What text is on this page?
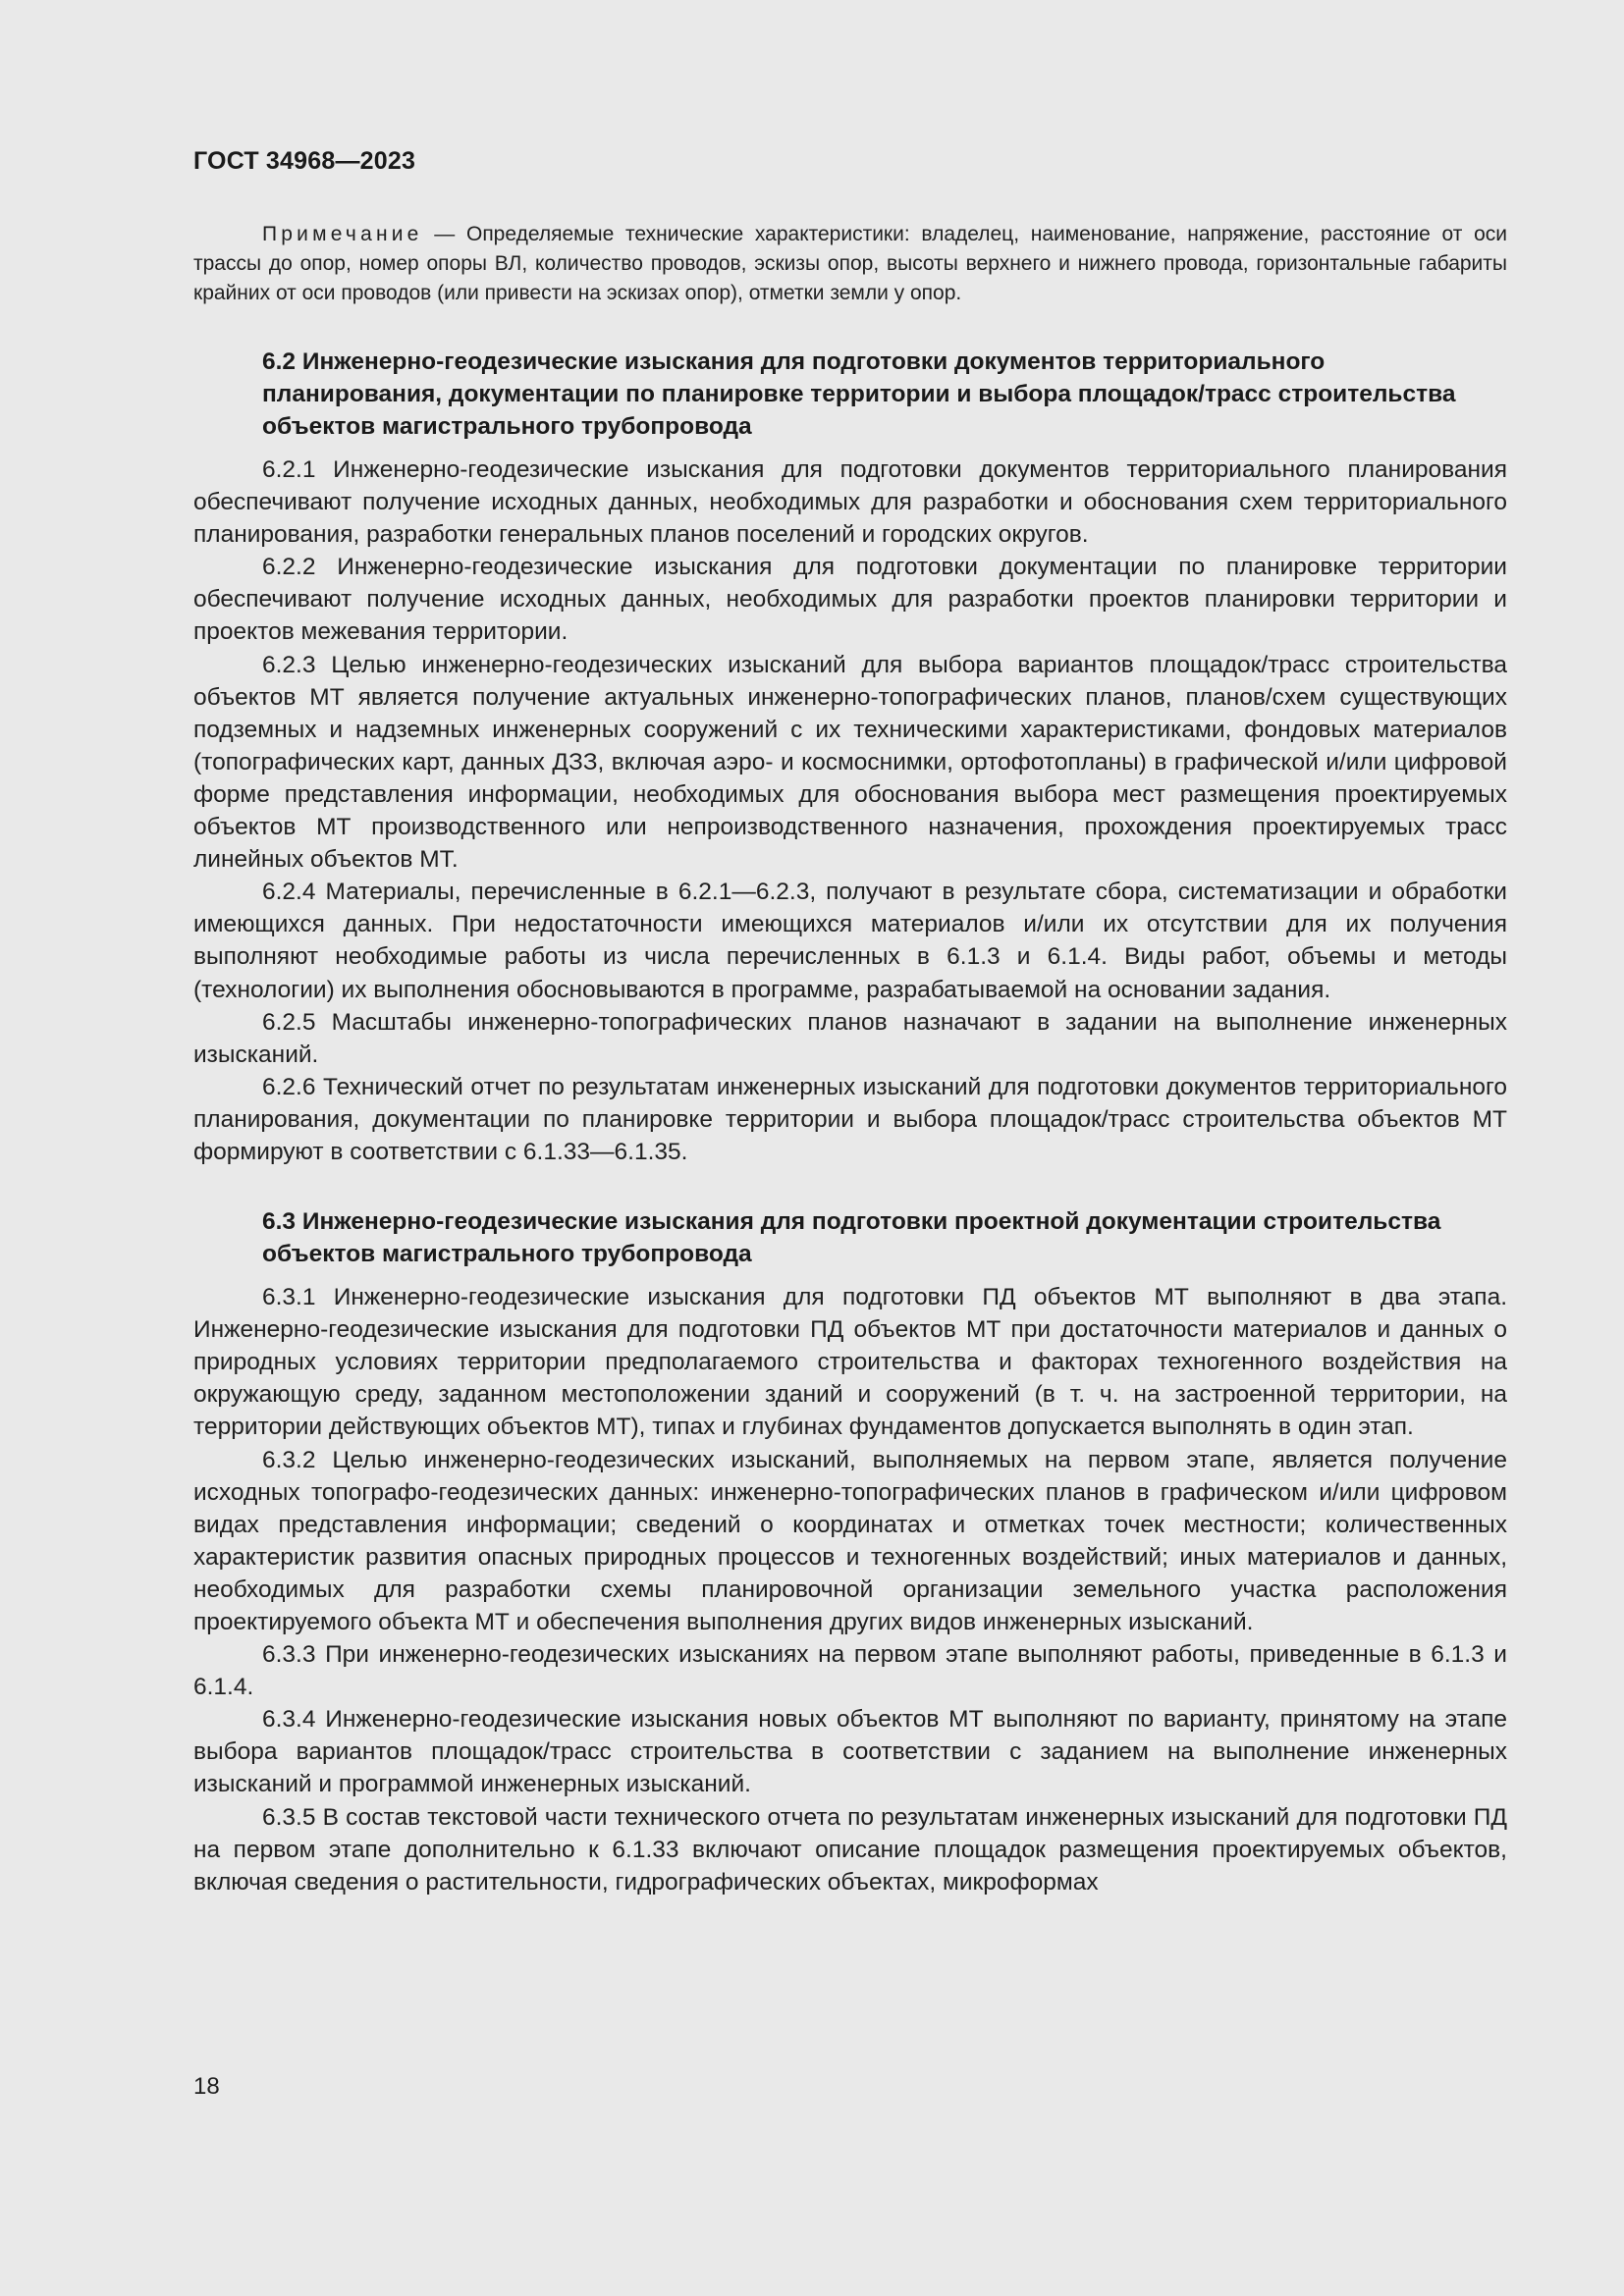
ГОСТ 34968—2023

Примечание — Определяемые технические характеристики: владелец, наименование, напряжение, расстояние от оси трассы до опор, номер опоры ВЛ, количество проводов, эскизы опор, высоты верхнего и нижнего провода, горизонтальные габариты крайних от оси проводов (или привести на эскизах опор), отметки земли у опор.

6.2 Инженерно-геодезические изыскания для подготовки документов территориального планирования, документации по планировке территории и выбора площадок/трасс строительства объектов магистрального трубопровода

6.2.1 Инженерно-геодезические изыскания для подготовки документов территориального планирования обеспечивают получение исходных данных, необходимых для разработки и обоснования схем территориального планирования, разработки генеральных планов поселений и городских округов.

6.2.2 Инженерно-геодезические изыскания для подготовки документации по планировке территории обеспечивают получение исходных данных, необходимых для разработки проектов планировки территории и проектов межевания территории.

6.2.3 Целью инженерно-геодезических изысканий для выбора вариантов площадок/трасс строительства объектов МТ является получение актуальных инженерно-топографических планов, планов/схем существующих подземных и надземных инженерных сооружений с их техническими характеристиками, фондовых материалов (топографических карт, данных ДЗЗ, включая аэро- и космоснимки, ортофотопланы) в графической и/или цифровой форме представления информации, необходимых для обоснования выбора мест размещения проектируемых объектов МТ производственного или непроизводственного назначения, прохождения проектируемых трасс линейных объектов МТ.

6.2.4 Материалы, перечисленные в 6.2.1—6.2.3, получают в результате сбора, систематизации и обработки имеющихся данных. При недостаточности имеющихся материалов и/или их отсутствии для их получения выполняют необходимые работы из числа перечисленных в 6.1.3 и 6.1.4. Виды работ, объемы и методы (технологии) их выполнения обосновываются в программе, разрабатываемой на основании задания.

6.2.5 Масштабы инженерно-топографических планов назначают в задании на выполнение инженерных изысканий.

6.2.6 Технический отчет по результатам инженерных изысканий для подготовки документов территориального планирования, документации по планировке территории и выбора площадок/трасс строительства объектов МТ формируют в соответствии с 6.1.33—6.1.35.

6.3 Инженерно-геодезические изыскания для подготовки проектной документации строительства объектов магистрального трубопровода

6.3.1 Инженерно-геодезические изыскания для подготовки ПД объектов МТ выполняют в два этапа. Инженерно-геодезические изыскания для подготовки ПД объектов МТ при достаточности материалов и данных о природных условиях территории предполагаемого строительства и факторах техногенного воздействия на окружающую среду, заданном местоположении зданий и сооружений (в т. ч. на застроенной территории, на территории действующих объектов МТ), типах и глубинах фундаментов допускается выполнять в один этап.

6.3.2 Целью инженерно-геодезических изысканий, выполняемых на первом этапе, является получение исходных топографо-геодезических данных: инженерно-топографических планов в графическом и/или цифровом видах представления информации; сведений о координатах и отметках точек местности; количественных характеристик развития опасных природных процессов и техногенных воздействий; иных материалов и данных, необходимых для разработки схемы планировочной организации земельного участка расположения проектируемого объекта МТ и обеспечения выполнения других видов инженерных изысканий.

6.3.3 При инженерно-геодезических изысканиях на первом этапе выполняют работы, приведенные в 6.1.3 и 6.1.4.

6.3.4 Инженерно-геодезические изыскания новых объектов МТ выполняют по варианту, принятому на этапе выбора вариантов площадок/трасс строительства в соответствии с заданием на выполнение инженерных изысканий и программой инженерных изысканий.

6.3.5 В состав текстовой части технического отчета по результатам инженерных изысканий для подготовки ПД на первом этапе дополнительно к 6.1.33 включают описание площадок размещения проектируемых объектов, включая сведения о растительности, гидрографических объектах, микроформах

18
